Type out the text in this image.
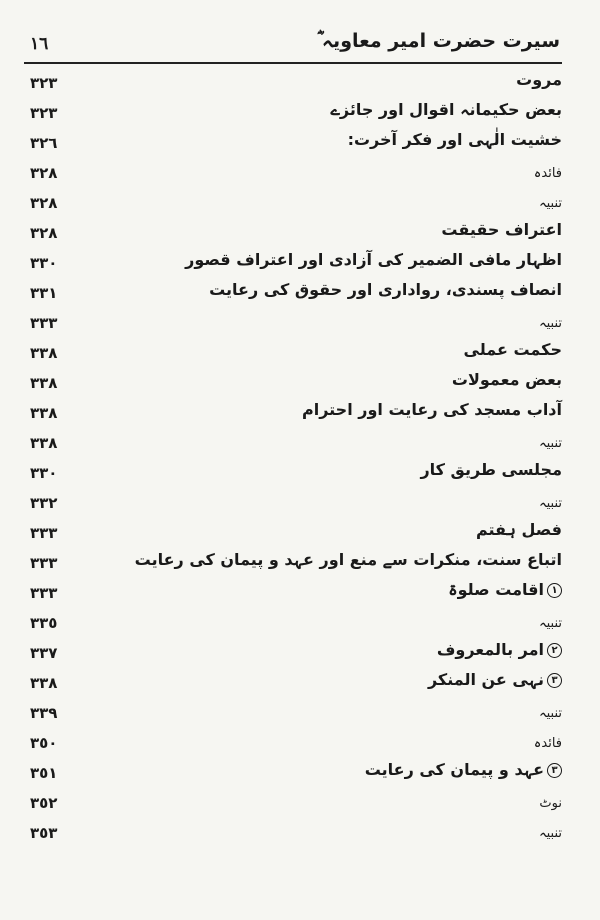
١٦	سیرت حضرت امیر معاویہ ؓ
مروت
٣٢٣
بعض حکیمانہ اقوال اور جائزے
٣٢٣
خشیت الٰہی اور فکر آخرت:
٣٢٦
فائدہ
٣٢٨
تنبیہ
٣٢٨
اعتراف حقیقت
٣٢٨
اظہار مافی الضمیر کی آزادی اور اعتراف قصور
٣٣٠
انصاف پسندی، رواداری اور حقوق کی رعایت
٣٣١
تنبیہ
٣٣٣
حکمت عملی
٣٣٨
بعض معمولات
٣٣٨
آداب مسجد کی رعایت اور احترام
٣٣٨
تنبیہ
٣٣٨
مجلسی طریق کار
٣٣٠
تنبیہ
٣٣٢
فصل ہفتم
٣٣٣
اتباع سنت، منکرات سے منع اور عہد و پیمان کی رعایت
٣٣٣
١اقامت صلوۃ
٣٣٣
تنبیہ
٣٣٥
٢امر بالمعروف
٣٣٧
٣نہی عن المنکر
٣٣٨
تنبیہ
٣٣٩
فائدہ
٣٥٠
٣عہد و پیمان کی رعایت
٣٥١
نوٹ
٣٥٢
تنبیہ
٣٥٣
